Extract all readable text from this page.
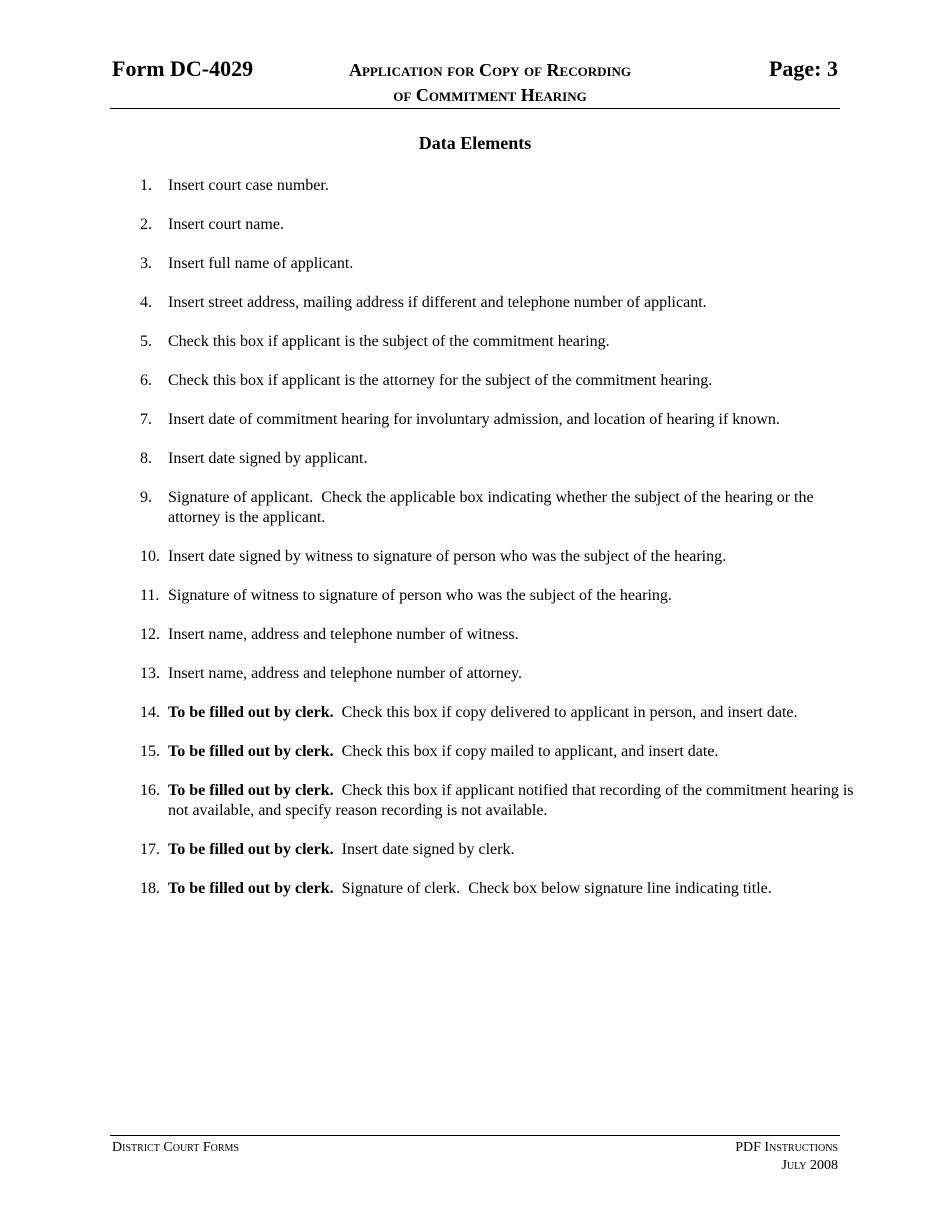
Form DC-4029	Application for Copy of Recording
of Commitment Hearing
Page: 3
Data Elements
1. Insert court case number.
2. Insert court name.
3. Insert full name of applicant.
4. Insert street address, mailing address if different and telephone number of applicant.
5. Check this box if applicant is the subject of the commitment hearing.
6. Check this box if applicant is the attorney for the subject of the commitment hearing.
7. Insert date of commitment hearing for involuntary admission, and location of hearing if known.
8. Insert date signed by applicant.
9. Signature of applicant.  Check the applicable box indicating whether the subject of the hearing or the attorney is the applicant.
10. Insert date signed by witness to signature of person who was the subject of the hearing.
11. Signature of witness to signature of person who was the subject of the hearing.
12. Insert name, address and telephone number of witness.
13. Insert name, address and telephone number of attorney.
14. To be filled out by clerk.  Check this box if copy delivered to applicant in person, and insert date.
15. To be filled out by clerk.  Check this box if copy mailed to applicant, and insert date.
16. To be filled out by clerk.  Check this box if applicant notified that recording of the commitment hearing is not available, and specify reason recording is not available.
17. To be filled out by clerk.  Insert date signed by clerk.
18. To be filled out by clerk.  Signature of clerk.  Check box below signature line indicating title.
District Court Forms	PDF Instructions
July 2008
